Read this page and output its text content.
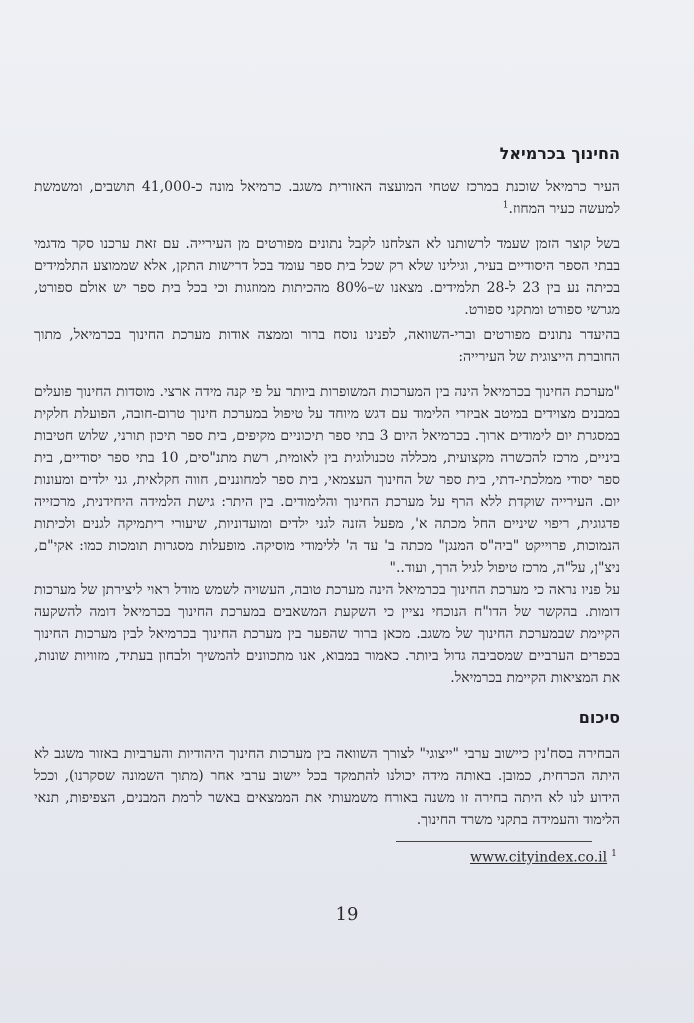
החינוך בכרמיאל

העיר כרמיאל שוכנת במרכז שטחי המועצה האזורית משגב. כרמיאל מונה כ-41,000 תושבים, ומשמשת למעשה כעיר המחוז.$^1$

בשל קוצר הזמן שעמד לרשותנו לא הצלחנו לקבל נתונים מפורטים מן העירייה. עם זאת ערכנו סקר מדגמי בבתי הספר היסודיים בעיר, וגילינו שלא רק שכל בית ספר עומד בכל דרישות התקן, אלא שממוצע התלמידים בכיתה נע בין 23 ל-28 תלמידים. מצאנו ש–80% מהכיתות ממוזגות וכי בכל בית ספר יש אולם ספורט, מגרשי ספורט ומתקני ספורט.

בהיעדר נתונים מפורטים וברי-השוואה, לפנינו נוסח ברור וממצה אודות מערכת החינוך בכרמיאל, מתוך החוברת הייצוגית של העירייה:

"מערכת החינוך בכרמיאל הינה בין המערכות המשופרות ביותר על פי קנה מידה ארצי. מוסדות החינוך פועלים במבנים מצוידים במיטב אביזרי הלימוד עם דגש מיוחד על טיפול במערכת חינוך טרום-חובה, הפועלת חלקית במסגרת יום לימודים ארוך. בכרמיאל היום 3 בתי ספר תיכוניים מקיפים, בית ספר תיכון תורני, שלוש חטיבות ביניים, מרכז להכשרה מקצועית, מכללה טכנולוגית בין לאומית, רשת מתנ"סים, 10 בתי ספר יסודיים, בית ספר יסודי ממלכתי-דתי, בית ספר של החינוך העצמאי, בית ספר למחוננים, חווה חקלאית, גני ילדים ומעונות יום. העירייה שוקדת ללא הרף על מערכת החינוך והלימודים. בין היתר: גישת הלמידה היחידנית, מרכזייה פדגוגית, ריפוי שיניים החל מכתה א', מפעל הזנה לגני ילדים ומועדוניות, שיעורי ריתמיקה לגנים ולכיתות הנמוכות, פרוייקט "ביה"ס המנגן" מכתה ב' עד ה' ללימודי מוסיקה. מופעלות מסגרות תומכות כמו: אקי"ם, ניצ"ן, על"ה, מרכז טיפול לגיל הרך, ועוד.."

על פניו נראה כי מערכת החינוך בכרמיאל הינה מערכת טובה, העשויה לשמש מודל ראוי ליצירתן של מערכות דומות. בהקשר של הדו"ח הנוכחי נציין כי השקעת המשאבים במערכת החינוך בכרמיאל דומה להשקעה הקיימת שבמערכת החינוך של משגב. מכאן ברור שהפער בין מערכת החינוך בכרמיאל לבין מערכות החינוך בכפרים הערביים שמסביבה גדול ביותר. כאמור במבוא, אנו מתכוונים להמשיך ולבחון בעתיד, מזוויות שונות, את המציאות הקיימת בכרמיאל.

סיכום

הבחירה בסח'נין כיישוב ערבי "ייצוגי" לצורך השוואה בין מערכות החינוך היהודיות והערביות באזור משגב לא היתה הכרחית, כמובן. באותה מידה יכולנו להתמקד בכל יישוב ערבי אחר (מתוך השמונה שסקרנו), וככל הידוע לנו לא היתה בחירה זו משנה באורח משמעותי את הממצאים באשר לרמת המבנים, הצפיפות, תנאי הלימוד והעמידה בתקני משרד החינוך.

www.cityindex.co.il $^1$
19
